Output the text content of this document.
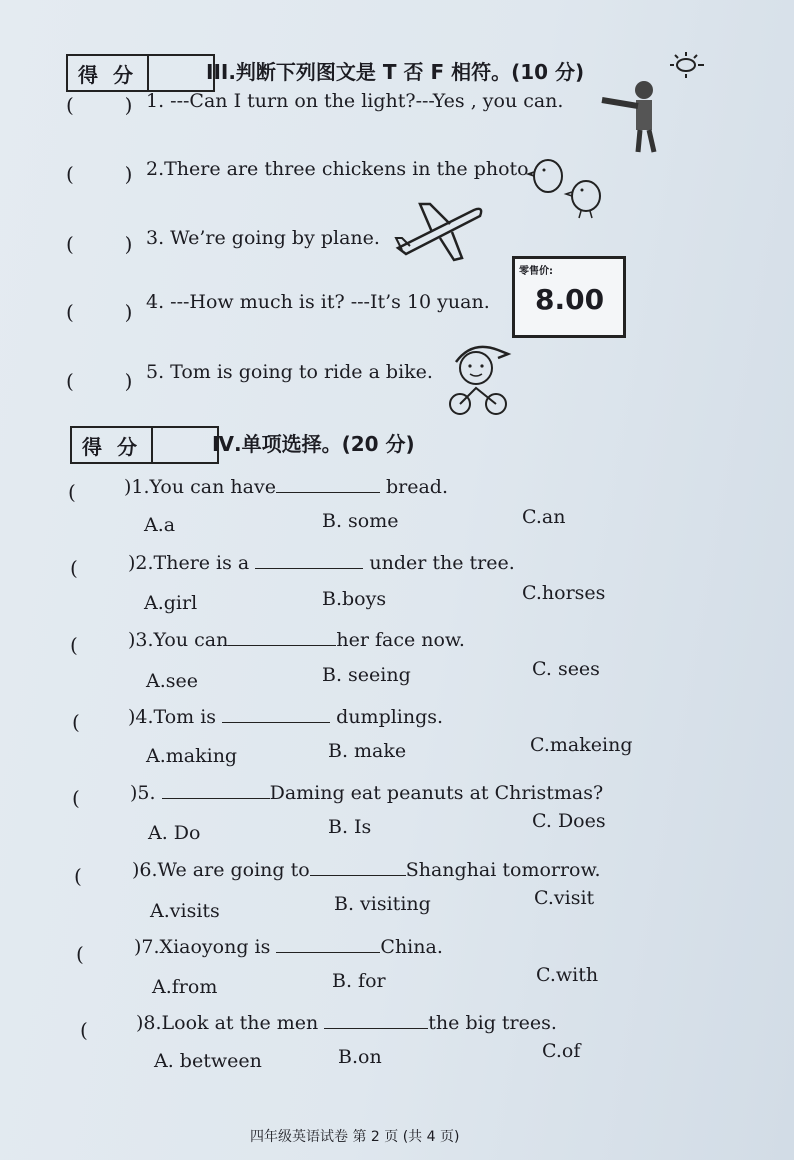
得 分	III.判断下列图文是 T 否 F 相符。(10 分)
(        ) 1. ---Can I turn on the light?---Yes , you can.
(        ) 2.There are three chickens in the photo.
(        ) 3. We’re going by plane.
(        ) 4. ---How much is it? ---It’s 10 yuan.
零售价:
8.00
(        ) 5. Tom is going to ride a bike.
得 分	Ⅳ.单项选择。(20 分)
( )1.You can have	bread.
A.a	B. some	C.an
( )2.There is a	under the tree.
A.girl	B.boys	C.horses
( )3.You can	her face now.
A.see	B. seeing	C. sees
( )4.Tom is	dumplings.
A.making	B. make	C.makeing
( )5.	Daming eat peanuts at Christmas?
A. Do	B. Is	C. Does
( )6.We are going to	Shanghai tomorrow.
A.visits	B. visiting	C.visit
( )7.Xiaoyong is	China.
A.from	B. for	C.with
( )8.Look at the men	the big trees.
A. between	B.on	C.of
四年级英语试卷 第 2 页 (共 4 页)
